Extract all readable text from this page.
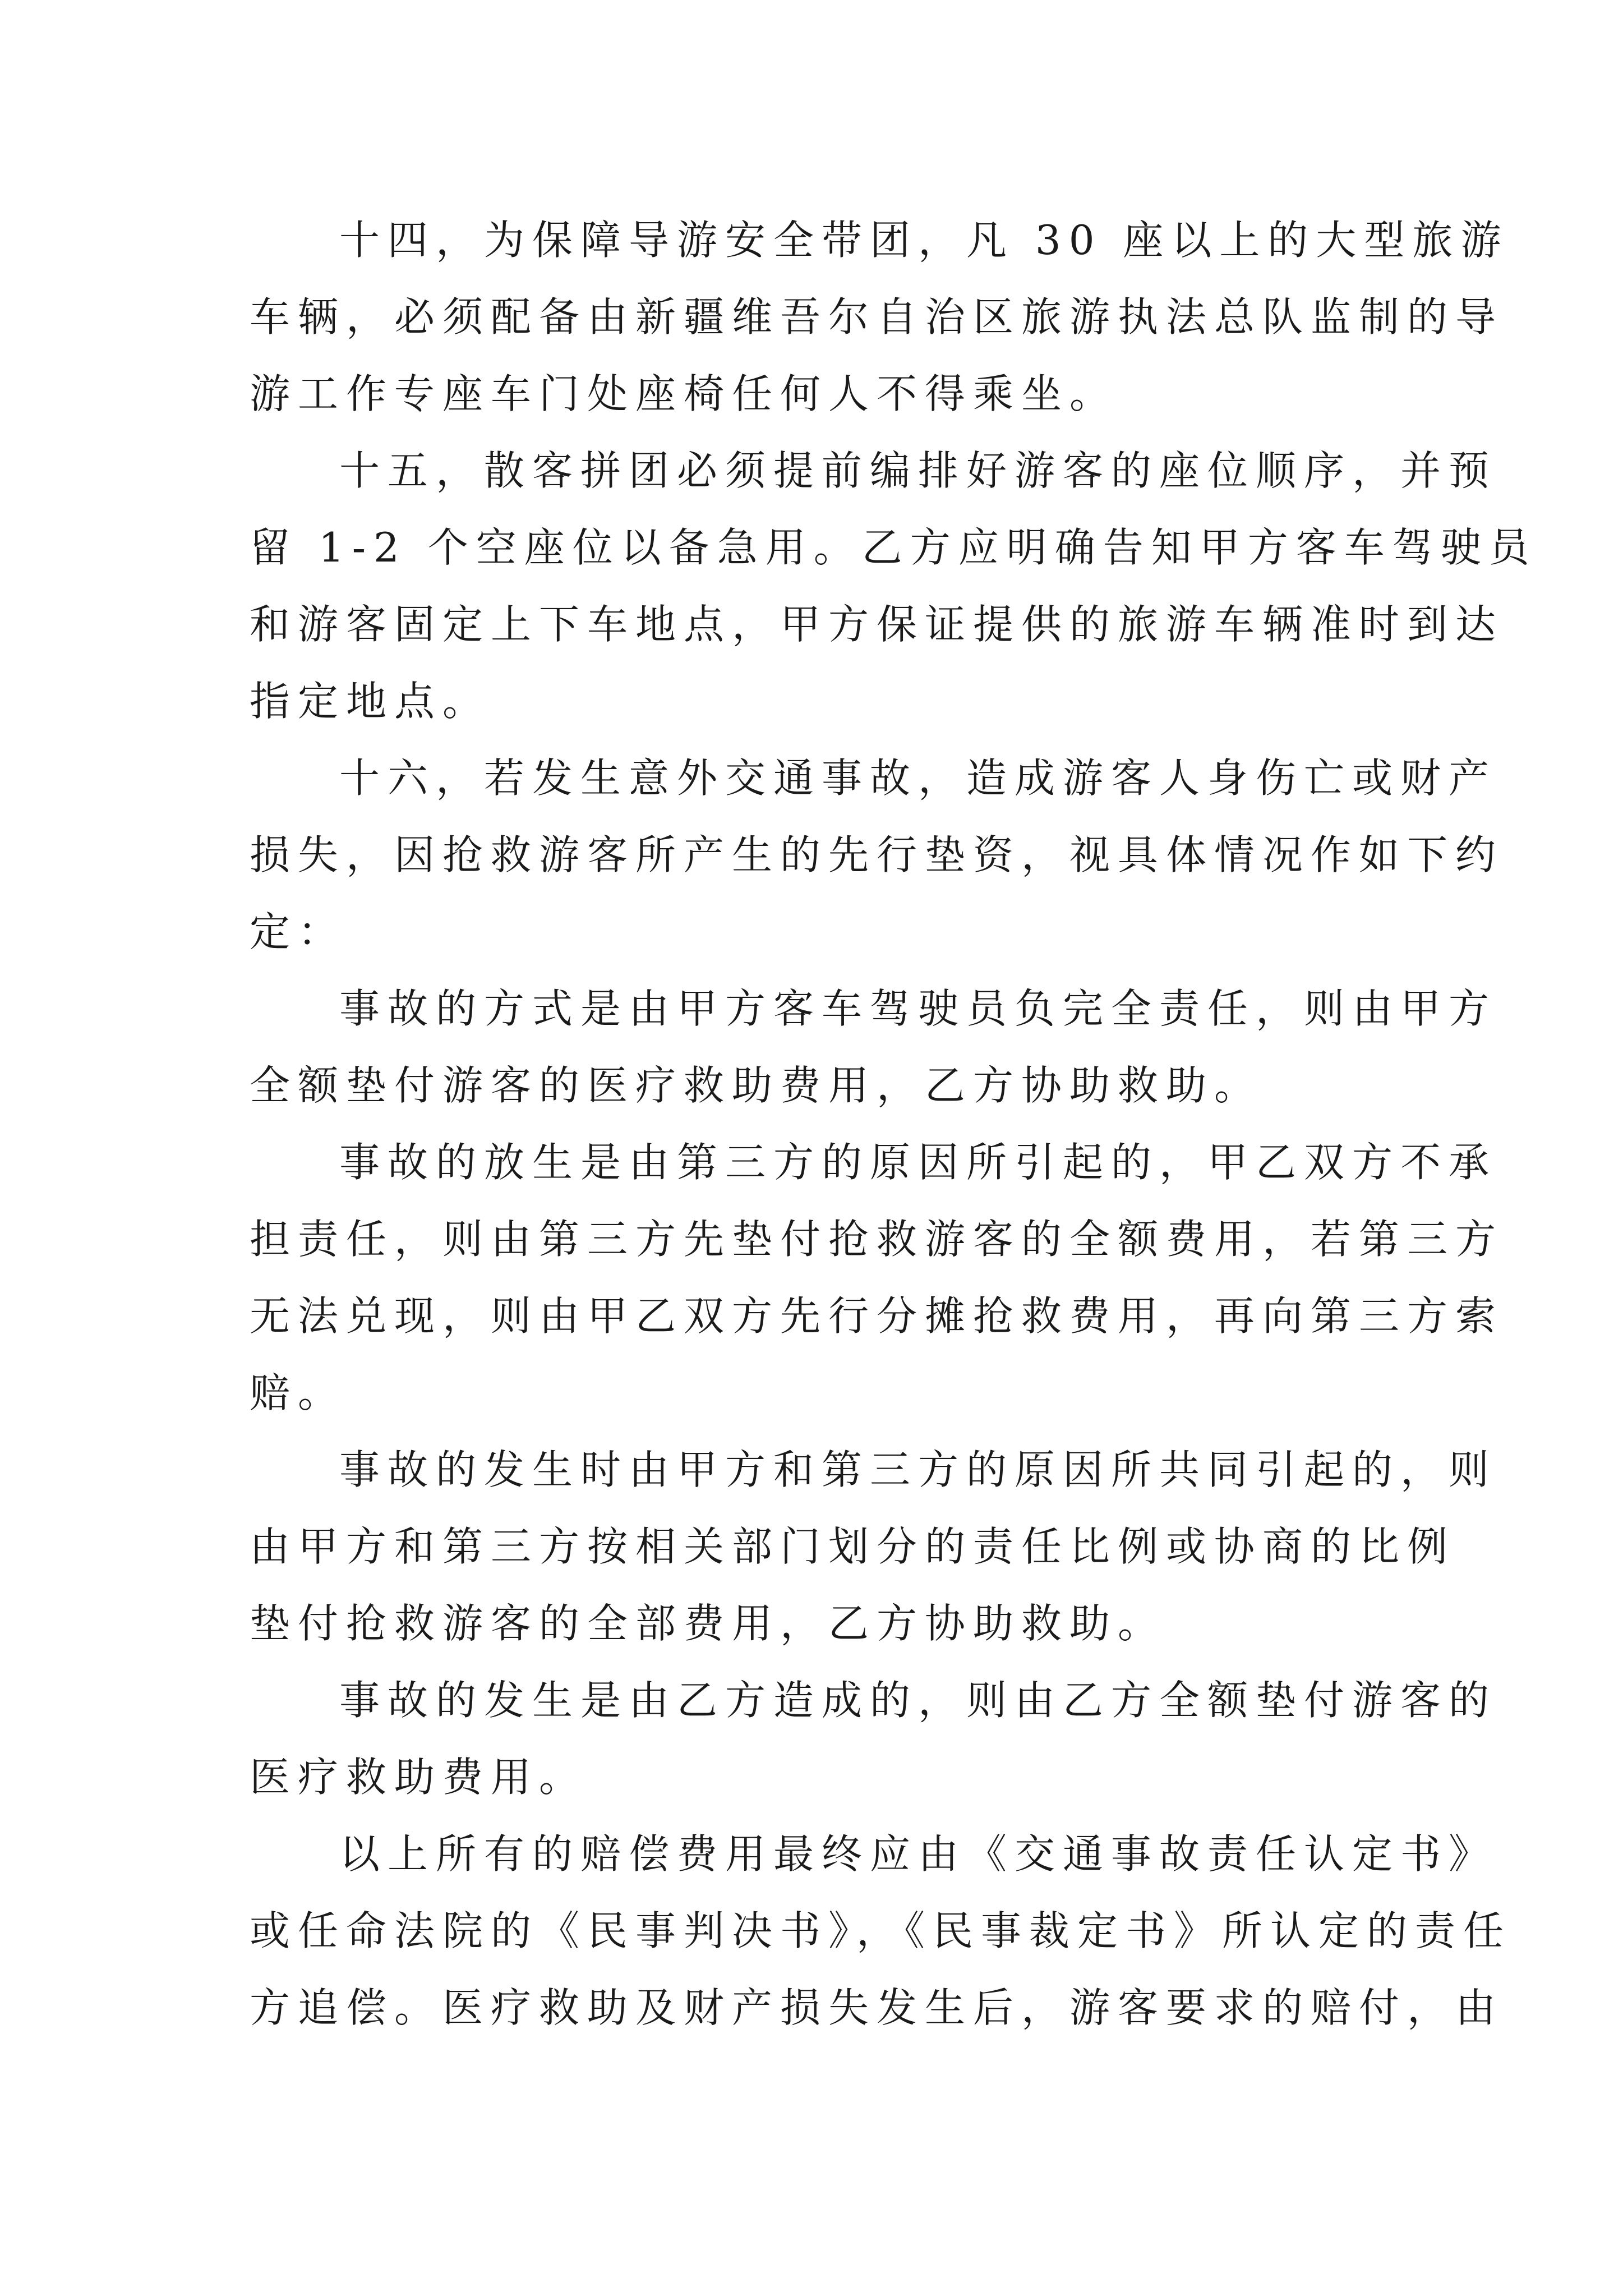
十四，为保障导游安全带团，凡 30 座以上的大型旅游
车辆，必须配备由新疆维吾尔自治区旅游执法总队监制的导
游工作专座车门处座椅任何人不得乘坐。
十五，散客拼团必须提前编排好游客的座位顺序，并预
留 1-2 个空座位以备急用。乙方应明确告知甲方客车驾驶员
和游客固定上下车地点，甲方保证提供的旅游车辆准时到达
指定地点。
十六，若发生意外交通事故，造成游客人身伤亡或财产
损失，因抢救游客所产生的先行垫资，视具体情况作如下约
定：
事故的方式是由甲方客车驾驶员负完全责任，则由甲方
全额垫付游客的医疗救助费用，乙方协助救助。
事故的放生是由第三方的原因所引起的，甲乙双方不承
担责任，则由第三方先垫付抢救游客的全额费用，若第三方
无法兑现，则由甲乙双方先行分摊抢救费用，再向第三方索
赔。
事故的发生时由甲方和第三方的原因所共同引起的，则
由甲方和第三方按相关部门划分的责任比例或协商的比例
垫付抢救游客的全部费用，乙方协助救助。
事故的发生是由乙方造成的，则由乙方全额垫付游客的
医疗救助费用。
以上所有的赔偿费用最终应由《交通事故责任认定书》
或任命法院的《民事判决书》，《民事裁定书》所认定的责任
方追偿。医疗救助及财产损失发生后，游客要求的赔付，由
